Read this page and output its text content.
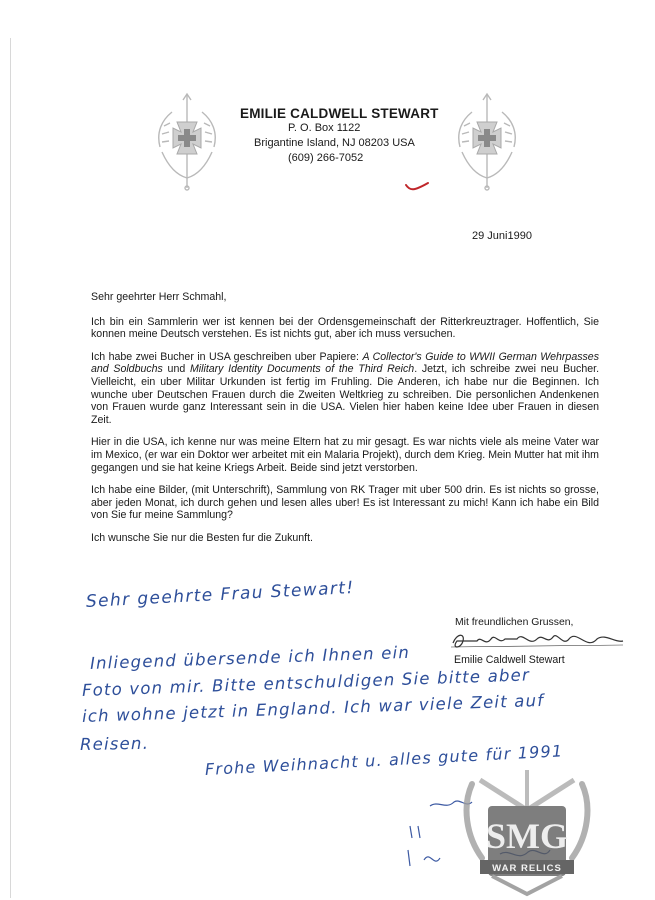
EMILIE CALDWELL STEWART
P. O. Box 1122
Brigantine Island, NJ 08203 USA
(609) 266-7052
29 Juni1990

Sehr geehrter Herr Schmahl,

Ich bin ein Sammlerin wer ist kennen bei der Ordensgemeinschaft der Ritterkreuztrager. Hoffentlich, Sie konnen meine Deutsch verstehen. Es ist nichts gut, aber ich muss versuchen.

Ich habe zwei Bucher in USA geschreiben uber Papiere: A Collector's Guide to WWII German Wehrpasses and Soldbuchs und Military Identity Documents of the Third Reich. Jetzt, ich schreibe zwei neu Bucher. Vielleicht, ein uber Militar Urkunden ist fertig im Fruhling. Die Anderen, ich habe nur die Beginnen. Ich wunche uber Deutschen Frauen durch die Zweiten Weltkrieg zu schreiben. Die personlichen Andenkenen von Frauen wurde ganz Interessant sein in die USA. Vielen hier haben keine Idee uber Frauen in diesen Zeit.

Hier in die USA, ich kenne nur was meine Eltern hat zu mir gesagt. Es war nichts viele als meine Vater war im Mexico, (er war ein Doktor wer arbeitet mit ein Malaria Projekt), durch dem Krieg. Mein Mutter hat mit ihm gegangen und sie hat keine Kriegs Arbeit. Beide sind jetzt verstorben.

Ich habe eine Bilder, (mit Unterschrift), Sammlung von RK Trager mit uber 500 drin. Es ist nichts so grosse, aber jeden Monat, ich durch gehen und lesen alles uber! Es ist Interessant zu mich! Kann ich habe ein Bild von Sie fur meine Sammlung?

Ich wunsche Sie nur die Besten fur die Zukunft.

Mit freundlichen Grussen,
Emilie Caldwell Stewart
Sehr geehrte Frau Stewart!
Inliegend übersende ich Ihnen ein
Foto von mir. Bitte entschuldigen Sie bitte aber
ich wohne jetzt in England. Ich war viele Zeit auf
Reisen.	Frohe Weihnacht u. alles gute für 1991
SMG
WAR RELICS
